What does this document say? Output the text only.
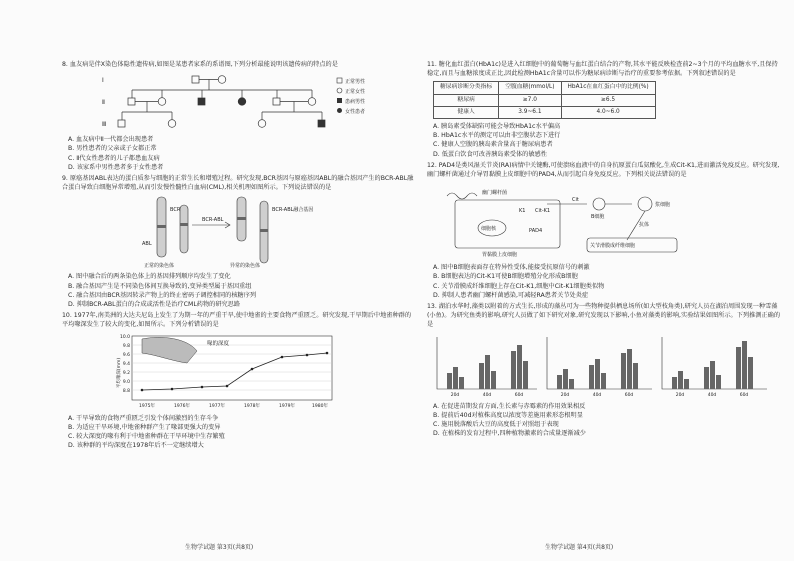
8. 血友病是伴X染色体隐性遗传病,如图是某患者家系的系谱图,下列分析最能说明该遗传病的特点的是
Ⅰ
Ⅱ
Ⅲ
正常男性
正常女性
患病男性
女性患者
A. 血友病中Ⅱ一代都会出现患者
B. 男性患者的父亲或子女都正常
C. Ⅱ代女性患者的儿子都患血友病
D. 该家系中男性患者多于女性患者
9. 原癌基因ABL表达的蛋白质参与细胞的正常生长和增殖过程。研究发现,BCR基因与原癌基因ABL的融合基因产生的BCR-ABL融合蛋白导致白细胞异常增殖,从而引发慢性髓性白血病(CML),相关机理如图所示。下列说法错误的是
BCR
ABL
BCR-ABL
BCR-ABL融合基因
正常的染色体	异常的染色体
A. 图中融合后的两条染色体上的基因排列顺序均发生了变化
B. 融合基因产生是不同染色体间互换导致的,变异类型属于基因重组
C. 融合基因由BCR基因转录产物上的终止密码子调控相同的核糖序列
D. 抑制BCR-ABL蛋白的合成或活性是治疗CML药物的研究思路
10. 1977年,南美洲的大达夫尼岛上发生了为期一年的严重干旱,使中地雀的主要食物严重匮乏。研究发现,干旱期后中地雀种群的平均喙深发生了较大的变化,如图所示。下列分析错误的是
喙的深度
10.0
9.8
9.6
9.4
9.2
9.0
8.8
1975年	1976年	1977年	1978年	1979年	1980年
平均喙深(mm)
A. 干旱导致的食物严重匮乏引发个体间激烈的生存斗争
B. 为适应干旱环境,中地雀种群产生了喙部更强大的变异
C. 较大深度的喙有利于中地雀种群在干旱环境中生存繁殖
D. 该种群的平均深度在1978年后不一定继续增大
生物学试题 第3页(共8页)
11. 糖化血红蛋白(HbA1c)是进入红细胞中的葡萄糖与血红蛋白结合的产物,其水平能反映检查前2~3个月的平均血糖水平,且保持稳定,而且与血糖浓度成正比,因此检测HbA1c含量可以作为糖尿病诊断与治疗的重要参考依据。下列叙述错误的是
糖尿病诊断分类指标	空腹血糖(mmol/L)	HbA1c在血红蛋白中的比例(%)
糖尿病	≥7.0	≥6.5
健康人	3.9~6.1	4.0~6.0
A. 胰岛素受体缺陷可能会导致HbA1c水平偏高
B. HbA1c水平的测定可以由非空腹状态下进行
C. 健康人空腹的胰岛素含量高于糖尿病患者
D. 低蛋白饮食可改善胰岛素受体的敏感性
12. PAD4是类风湿关节炎(RA)病情中关键酶,可使溃疡血液中的自身抗原蛋白瓜氨酸化,生成Cit-K1,进而激活免疫反应。研究发现,幽门螺杆菌通过介导胃黏膜上皮细胞中的PAD4,从而引起自身免疫反应。下列相关说法错误的是
幽门螺杆菌
K1 Cit-K1
PAD4
胃黏膜上皮细胞
细胞核
Cit
B细胞
浆细胞
关节滑膜成纤维细胞
抗体
A. 图中B细胞表面存在特异性受体,能接受抗原信号的刺激
B. B细胞表达的Cit-K1可使B细胞增殖分化形成B细胞
C. 关节滑膜成纤维细胞上存在Cit-K1,细胞中Cit-K1细胞类似物
D. 抑制人患者幽门螺杆菌感染,可减轻RA患者关节处炎症
13. 湖泊水华时,藻类以附着的方式生长,形成的藻丛可为一些物种提供栖息场所(如大型枝角类),研究人员在湖泊周围发现一种雪藻(小鱼)。为研究鱼类的影响,研究人员做了如下研究对象,研究发现以下影响,小鱼对藻类的影响,实验结果如图所示。下列推测正确的是
20d	40d	60d	20d	40d	60d	20d	40d	60d
A. 在促进苗期发育方面,生长素与赤霉素的作用效果相反
B. 提前后40d对植株高度以浓度等差施用素形态根明显
C. 施用脱落酸后大豆的高度低于对照组于表现
D. 在植株的发育过程中,四种植物激素的合成量逐渐减少
生物学试题 第4页(共8页)
